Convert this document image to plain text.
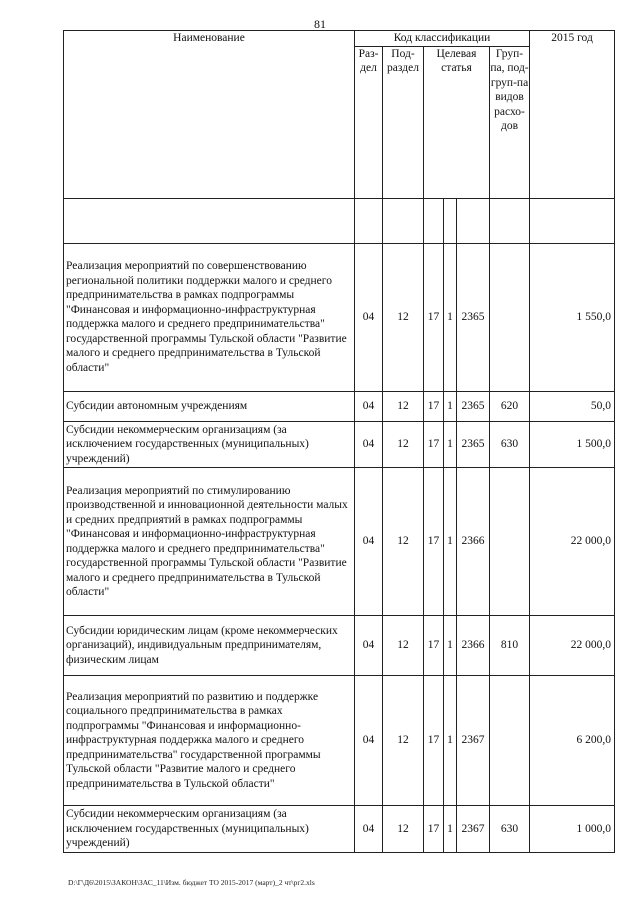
81
Наименование	Код классификации						2015 год
	Раз-дел	Под-раздел	Целевая статья			Груп-па, под-груп-па видов расхо-дов	

Реализация мероприятий по совершенствованию региональной политики поддержки малого и среднего предпринимательства в рамках подпрограммы "Финансовая и информационно-инфраструктурная поддержка малого и среднего предпринимательства" государственной программы Тульской области "Развитие малого и среднего предпринимательства в Тульской области"	04	12	17	1	2365		1 550,0
Субсидии автономным учреждениям	04	12	17	1	2365	620	50,0
Субсидии некоммерческим организациям (за исключением государственных (муниципальных) учреждений)	04	12	17	1	2365	630	1 500,0
Реализация мероприятий по стимулированию производственной и инновационной деятельности малых и средних предприятий в рамках подпрограммы "Финансовая и информационно-инфраструктурная поддержка малого и среднего предпринимательства" государственной программы Тульской области "Развитие малого и среднего предпринимательства в Тульской области"	04	12	17	1	2366		22 000,0
Субсидии юридическим лицам (кроме некоммерческих организаций), индивидуальным предпринимателям, физическим лицам	04	12	17	1	2366	810	22 000,0
Реализация мероприятий по развитию и поддержке социального предпринимательства в рамках подпрограммы "Финансовая и информационно-инфраструктурная поддержка малого и среднего предпринимательства" государственной программы Тульской области "Развитие малого и среднего предпринимательства в Тульской области"	04	12	17	1	2367		6 200,0
Субсидии некоммерческим организациям (за исключением государственных (муниципальных) учреждений)	04	12	17	1	2367	630	1 000,0
D:\Г\Д6\2015\ЗАКОН\ЗАС_11\Изм. бюджет ТО 2015-2017 (март)_2 чт\рг2.xls
